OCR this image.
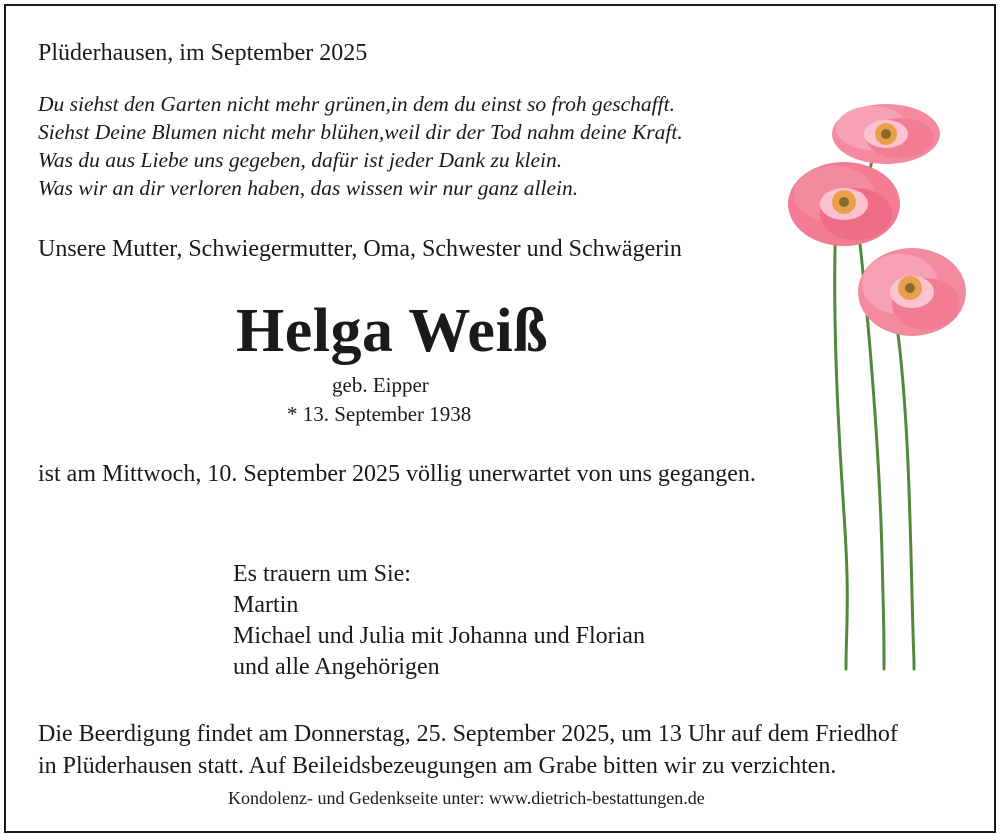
Plüderhausen, im September 2025
Du siehst den Garten nicht mehr grünen,in dem du einst so froh geschafft.
Siehst Deine Blumen nicht mehr blühen,weil dir der Tod nahm deine Kraft.
Was du aus Liebe uns gegeben, dafür ist jeder Dank zu klein.
Was wir an dir verloren haben, das wissen wir nur ganz allein.
Unsere Mutter, Schwiegermutter, Oma, Schwester und Schwägerin
Helga Weiß
geb. Eipper
* 13. September 1938
ist am Mittwoch, 10. September 2025 völlig unerwartet von uns gegangen.
Es trauern um Sie:
Martin
Michael und Julia mit Johanna und Florian
und alle Angehörigen
Die Beerdigung findet am Donnerstag, 25. September 2025, um 13 Uhr auf dem Friedhof
in Plüderhausen statt. Auf Beileidsbezeugungen am Grabe bitten wir zu verzichten.
Kondolenz- und Gedenkseite unter: www.dietrich-bestattungen.de
